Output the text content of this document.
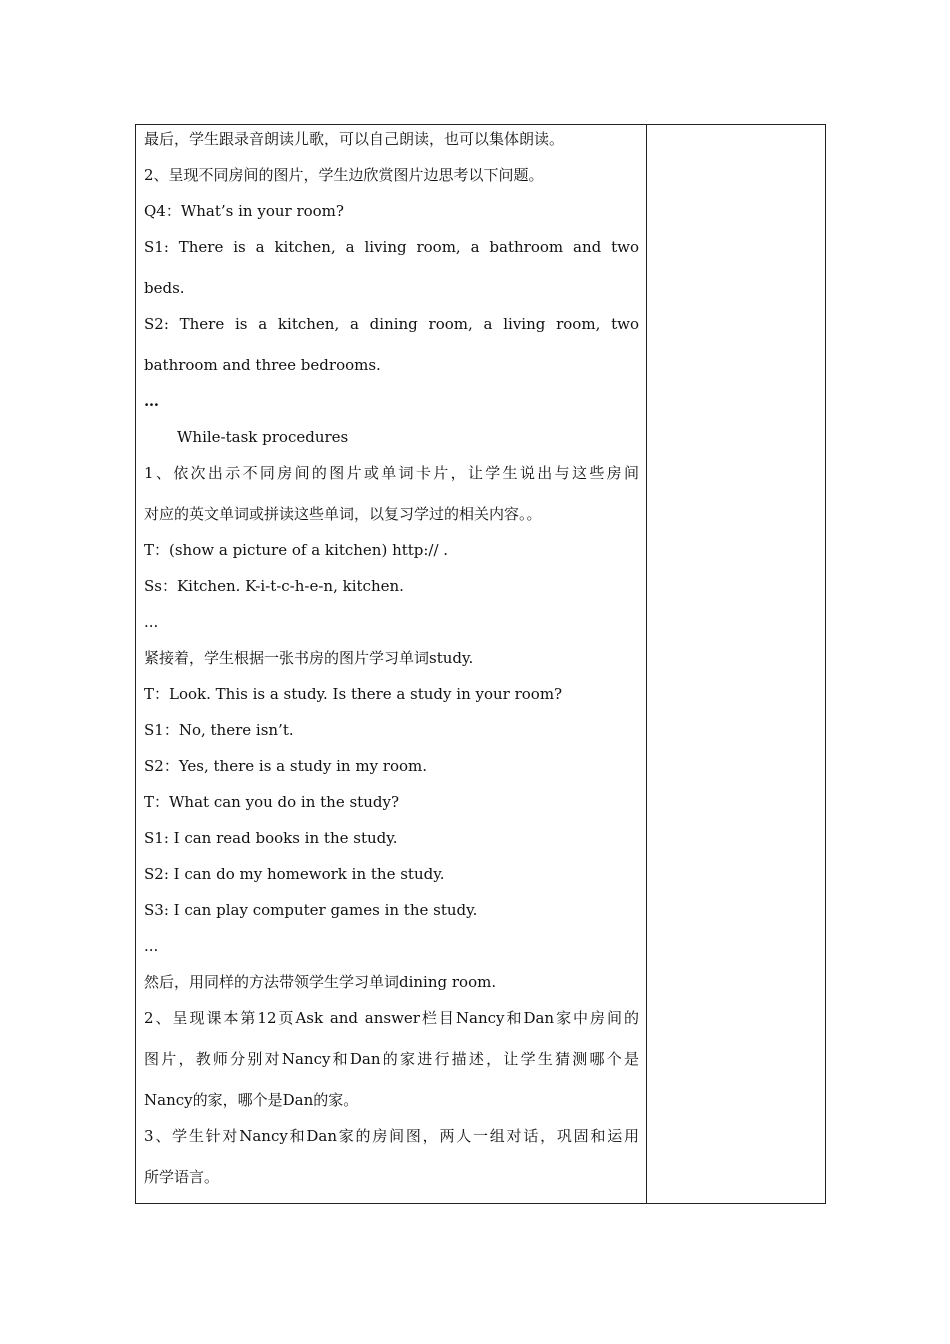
最后，学生跟录音朗读儿歌，可以自己朗读，也可以集体朗读。
2、呈现不同房间的图片，学生边欣赏图片边思考以下问题。
Q4：What’s in your room?
S1: There is a kitchen, a living room, a bathroom and two
beds.
S2: There is a kitchen, a dining room, a living room, two
bathroom and three bedrooms.
…
While-task procedures
1、依次出示不同房间的图片或单词卡片，让学生说出与这些房间
对应的英文单词或拼读这些单词，以复习学过的相关内容。。
T：(show a picture of a kitchen) http:// .
Ss：Kitchen. K-i-t-c-h-e-n, kitchen.
...
紧接着，学生根据一张书房的图片学习单词study.
T：Look. This is a study. Is there a study in your room?
S1：No, there isn’t.
S2：Yes, there is a study in my room.
T：What can you do in the study?
S1: I can read books in the study.
S2: I can do my homework in the study.
S3: I can play computer games in the study.
...
然后，用同样的方法带领学生学习单词dining room.
2、呈现课本第12页Ask and answer栏目Nancy和Dan家中房间的
图片，教师分别对Nancy和Dan的家进行描述，让学生猜测哪个是
Nancy的家，哪个是Dan的家。
3、学生针对Nancy和Dan家的房间图，两人一组对话，巩固和运用
所学语言。
